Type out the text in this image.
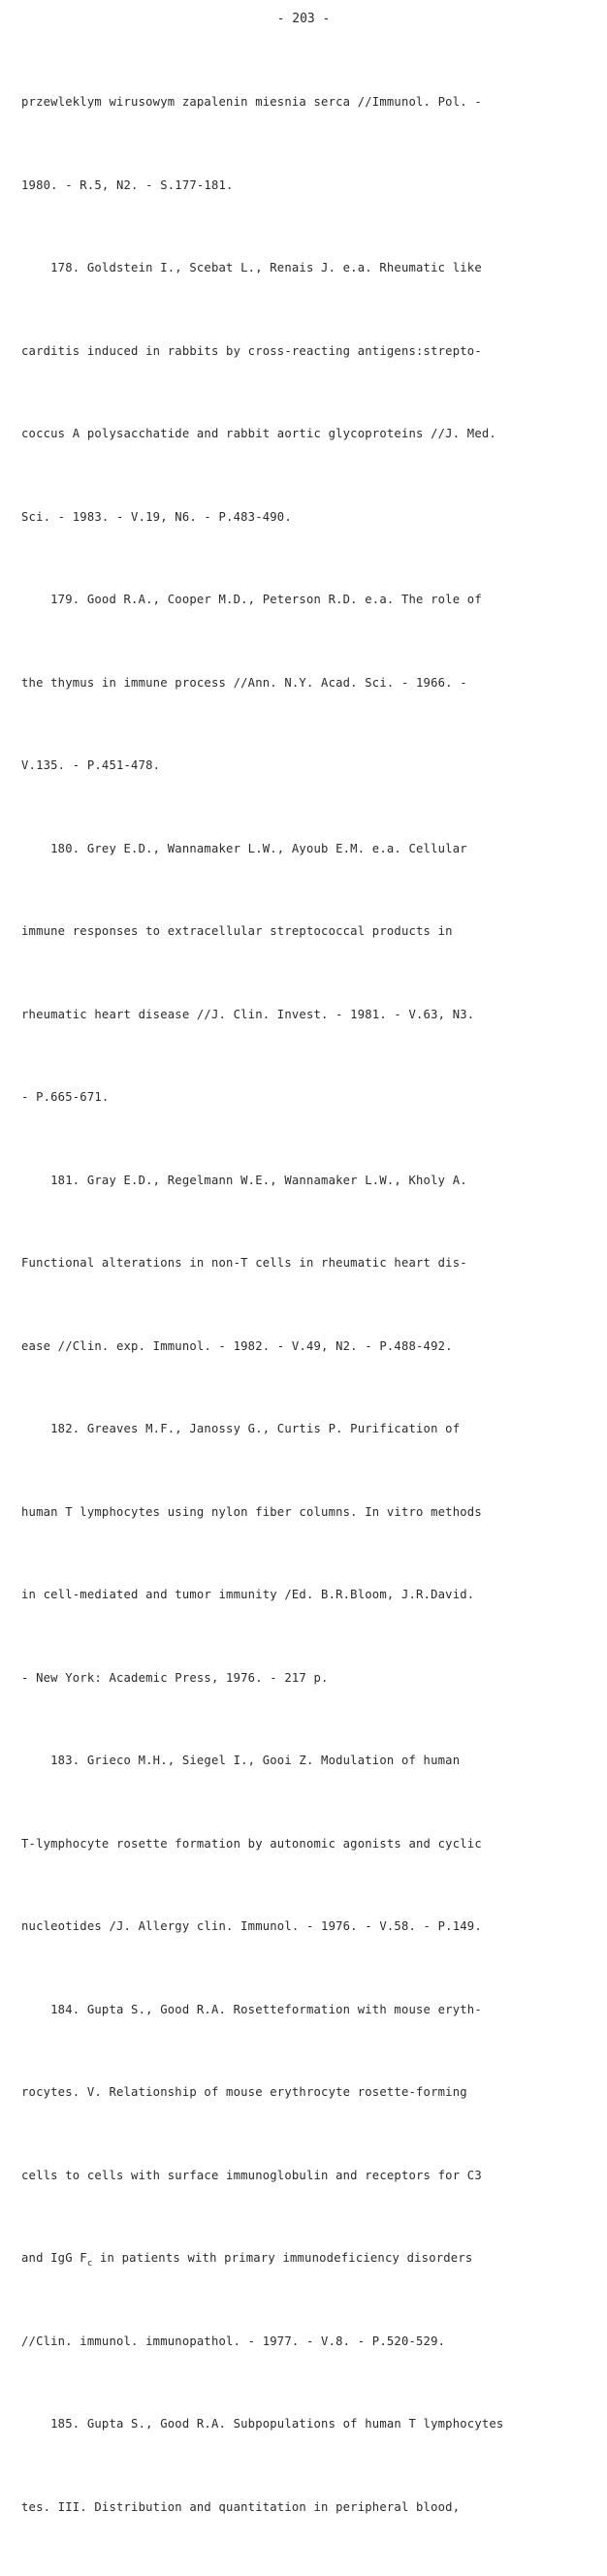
- 203 -

przewleklym wirusowym zapalenin miesnia serca //Immunol. Pol. -

1980. - R.5, N2. - S.177-181.

178. Goldstein I., Scebat L., Renais J. e.a. Rheumatic like

carditis induced in rabbits by cross-reacting antigens:strepto-

coccus A polysacchatide and rabbit aortic glycoproteins //J. Med.

Sci. - 1983. - V.19, N6. - P.483-490.

179. Good R.A., Cooper M.D., Peterson R.D. e.a. The role of

the thymus in immune process //Ann. N.Y. Acad. Sci. - 1966. -

V.135. - P.451-478.

180. Grey E.D., Wannamaker L.W., Ayoub E.M. e.a. Cellular

immune responses to extracellular streptococcal products in

rheumatic heart disease //J. Clin. Invest. - 1981. - V.63, N3.

- P.665-671.

181. Gray E.D., Regelmann W.E., Wannamaker L.W., Kholy A.

Functional alterations in non-T cells in rheumatic heart dis-

ease //Clin. exp. Immunol. - 1982. - V.49, N2. - P.488-492.

182. Greaves M.F., Janossy G., Curtis P. Purification of

human T lymphocytes using nylon fiber columns. In vitro methods

in cell-mediated and tumor immunity /Ed. B.R.Bloom, J.R.David.

- New York: Academic Press, 1976. - 217 p.

183. Grieco M.H., Siegel I., Gooi Z. Modulation of human

T-lymphocyte rosette formation by autonomic agonists and cyclic

nucleotides /J. Allergy clin. Immunol. - 1976. - V.58. - P.149.

184. Gupta S., Good R.A. Rosetteformation with mouse eryth-

rocytes. V. Relationship of mouse erythrocyte rosette-forming

cells to cells with surface immunoglobulin and receptors for C3

and IgG $F_c$ in patients with primary immunodeficiency disorders

//Clin. immunol. immunopathol. - 1977. - V.8. - P.520-529.

185. Gupta S., Good R.A. Subpopulations of human T lymphocytes

tes. III. Distribution and quantitation in peripheral blood,
